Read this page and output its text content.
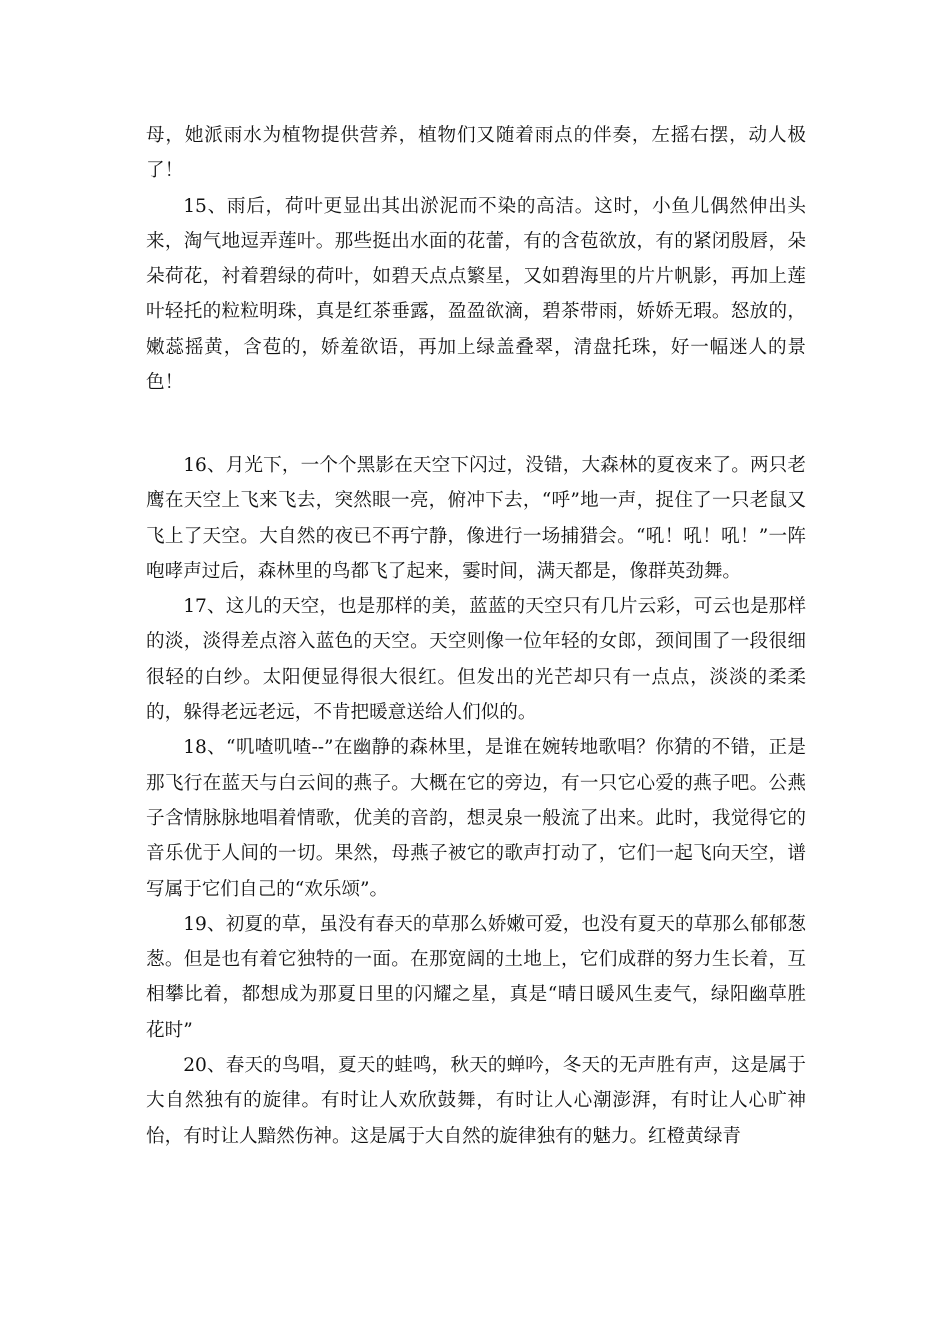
母，她派雨水为植物提供营养，植物们又随着雨点的伴奏，左摇右摆，动人极了！

15、雨后，荷叶更显出其出淤泥而不染的高洁。这时，小鱼儿偶然伸出头来，淘气地逗弄莲叶。那些挺出水面的花蕾，有的含苞欲放，有的紧闭殷唇，朵朵荷花，衬着碧绿的荷叶，如碧天点点繁星，又如碧海里的片片帆影，再加上莲叶轻托的粒粒明珠，真是红茶垂露，盈盈欲滴，碧茶带雨，娇娇无瑕。怒放的，嫩蕊摇黄，含苞的，娇羞欲语，再加上绿盖叠翠，清盘托珠，好一幅迷人的景色！

16、月光下，一个个黑影在天空下闪过，没错，大森林的夏夜来了。两只老鹰在天空上飞来飞去，突然眼一亮，俯冲下去，“呼”地一声，捉住了一只老鼠又飞上了天空。大自然的夜已不再宁静，像进行一场捕猎会。“吼！吼！吼！”一阵咆哮声过后，森林里的鸟都飞了起来，霎时间，满天都是，像群英劲舞。

17、这儿的天空，也是那样的美，蓝蓝的天空只有几片云彩，可云也是那样的淡，淡得差点溶入蓝色的天空。天空则像一位年轻的女郎，颈间围了一段很细很轻的白纱。太阳便显得很大很红。但发出的光芒却只有一点点，淡淡的柔柔的，躲得老远老远，不肯把暖意送给人们似的。

18、“叽喳叽喳--”在幽静的森林里，是谁在婉转地歌唱？你猜的不错，正是那飞行在蓝天与白云间的燕子。大概在它的旁边，有一只它心爱的燕子吧。公燕子含情脉脉地唱着情歌，优美的音韵，想灵泉一般流了出来。此时，我觉得它的音乐优于人间的一切。果然，母燕子被它的歌声打动了，它们一起飞向天空，谱写属于它们自己的“欢乐颂”。

19、初夏的草，虽没有春天的草那么娇嫩可爱，也没有夏天的草那么郁郁葱葱。但是也有着它独特的一面。在那宽阔的土地上，它们成群的努力生长着，互相攀比着，都想成为那夏日里的闪耀之星，真是“晴日暖风生麦气，绿阳幽草胜花时”

20、春天的鸟唱，夏天的蛙鸣，秋天的蝉吟，冬天的无声胜有声，这是属于大自然独有的旋律。有时让人欢欣鼓舞，有时让人心潮澎湃，有时让人心旷神怡，有时让人黯然伤神。这是属于大自然的旋律独有的魅力。红橙黄绿青
